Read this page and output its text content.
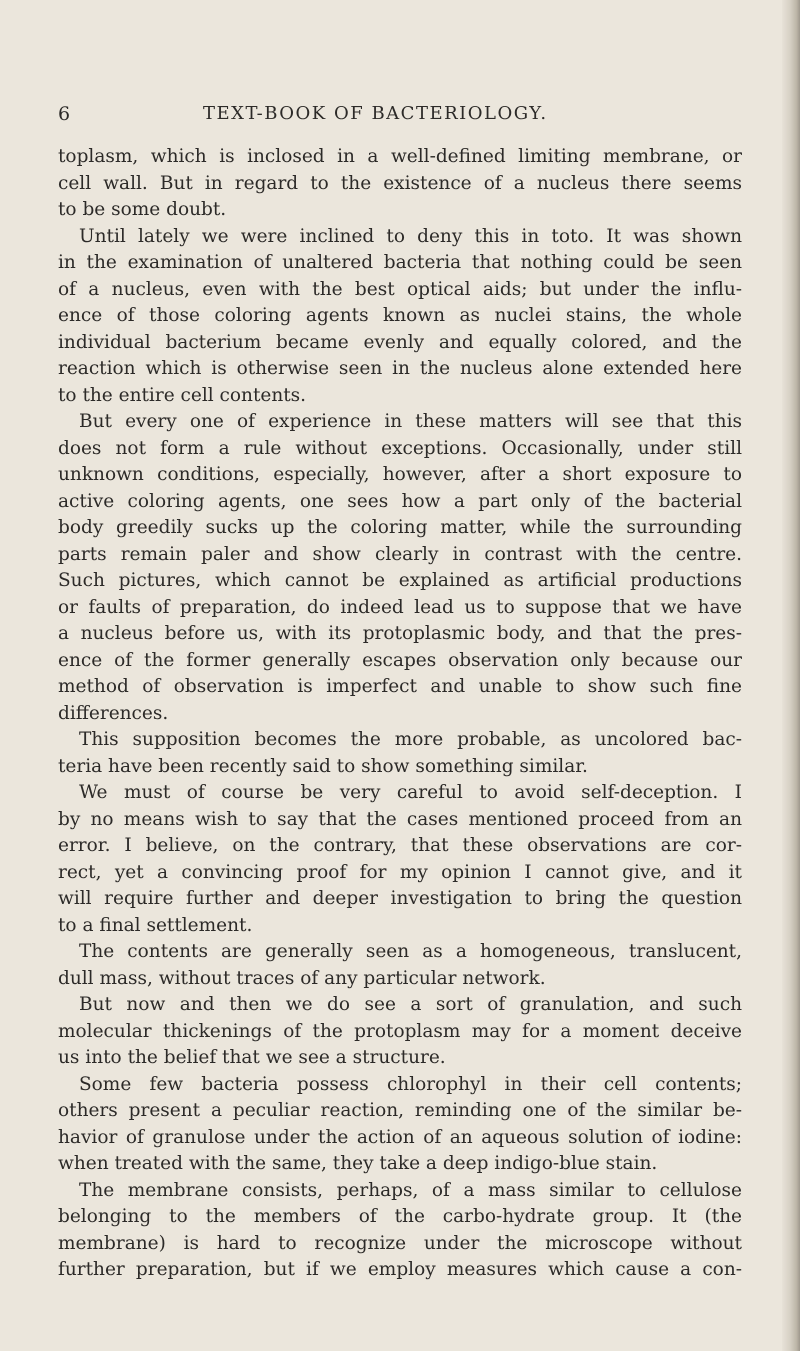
6	TEXT-BOOK OF BACTERIOLOGY.
toplasm, which is inclosed in a well-defined limiting membrane, or
cell wall. But in regard to the existence of a nucleus there seems
to be some doubt.
Until lately we were inclined to deny this in toto. It was shown
in the examination of unaltered bacteria that nothing could be seen
of a nucleus, even with the best optical aids; but under the influ-
ence of those coloring agents known as nuclei stains, the whole
individual bacterium became evenly and equally colored, and the
reaction which is otherwise seen in the nucleus alone extended here
to the entire cell contents.
But every one of experience in these matters will see that this
does not form a rule without exceptions. Occasionally, under still
unknown conditions, especially, however, after a short exposure to
active coloring agents, one sees how a part only of the bacterial
body greedily sucks up the coloring matter, while the surrounding
parts remain paler and show clearly in contrast with the centre.
Such pictures, which cannot be explained as artificial productions
or faults of preparation, do indeed lead us to suppose that we have
a nucleus before us, with its protoplasmic body, and that the pres-
ence of the former generally escapes observation only because our
method of observation is imperfect and unable to show such fine
differences.
This supposition becomes the more probable, as uncolored bac-
teria have been recently said to show something similar.
We must of course be very careful to avoid self-deception. I
by no means wish to say that the cases mentioned proceed from an
error. I believe, on the contrary, that these observations are cor-
rect, yet a convincing proof for my opinion I cannot give, and it
will require further and deeper investigation to bring the question
to a final settlement.
The contents are generally seen as a homogeneous, translucent,
dull mass, without traces of any particular network.
But now and then we do see a sort of granulation, and such
molecular thickenings of the protoplasm may for a moment deceive
us into the belief that we see a structure.
Some few bacteria possess chlorophyl in their cell contents;
others present a peculiar reaction, reminding one of the similar be-
havior of granulose under the action of an aqueous solution of iodine:
when treated with the same, they take a deep indigo-blue stain.
The membrane consists, perhaps, of a mass similar to cellulose
belonging to the members of the carbo-hydrate group. It (the
membrane) is hard to recognize under the microscope without
further preparation, but if we employ measures which cause a con-
